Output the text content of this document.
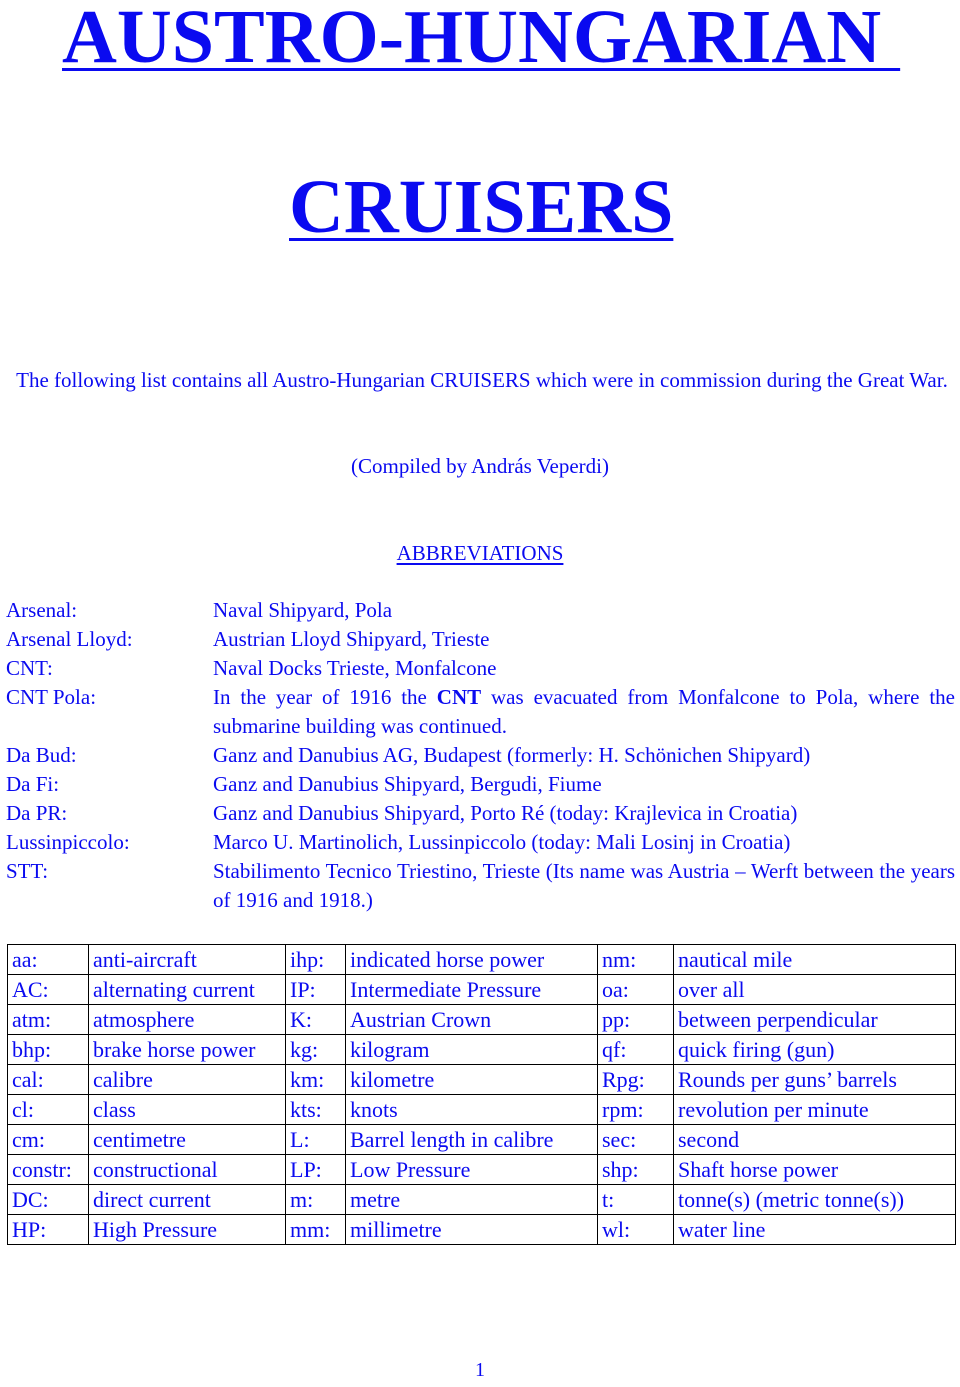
AUSTRO-HUNGARIAN
CRUISERS

The following list contains all Austro-Hungarian CRUISERS which were in commission during the Great War.

(Compiled by András Veperdi)

ABBREVIATIONS

Arsenal:	Naval Shipyard, Pola
Arsenal Lloyd:	Austrian Lloyd Shipyard, Trieste
CNT:	Naval Docks Trieste, Monfalcone
CNT Pola:	In the year of 1916 the CNT was evacuated from Monfalcone to Pola, where the submarine building was continued.
Da Bud:	Ganz and Danubius AG, Budapest (formerly: H. Schönichen Shipyard)
Da Fi:	Ganz and Danubius Shipyard, Bergudi, Fiume
Da PR:	Ganz and Danubius Shipyard, Porto Ré (today: Krajlevica in Croatia)
Lussinpiccolo:	Marco U. Martinolich, Lussinpiccolo (today: Mali Losinj in Croatia)
STT:	Stabilimento Tecnico Triestino, Trieste (Its name was Austria – Werft between the years of 1916 and 1918.)
aa:	anti-aircraft	ihp:	indicated horse power	nm:	nautical mile
AC:	alternating current	IP:	Intermediate Pressure	oa:	over all
atm:	atmosphere	K:	Austrian Crown	pp:	between perpendicular
bhp:	brake horse power	kg:	kilogram	qf:	quick firing (gun)
cal:	calibre	km:	kilometre	Rpg:	Rounds per guns’ barrels
cl:	class	kts:	knots	rpm:	revolution per minute
cm:	centimetre	L:	Barrel length in calibre	sec:	second
constr:	constructional	LP:	Low Pressure	shp:	Shaft horse power
DC:	direct current	m:	metre	t:	tonne(s) (metric tonne(s))
HP:	High Pressure	mm:	millimetre	wl:	water line

1
